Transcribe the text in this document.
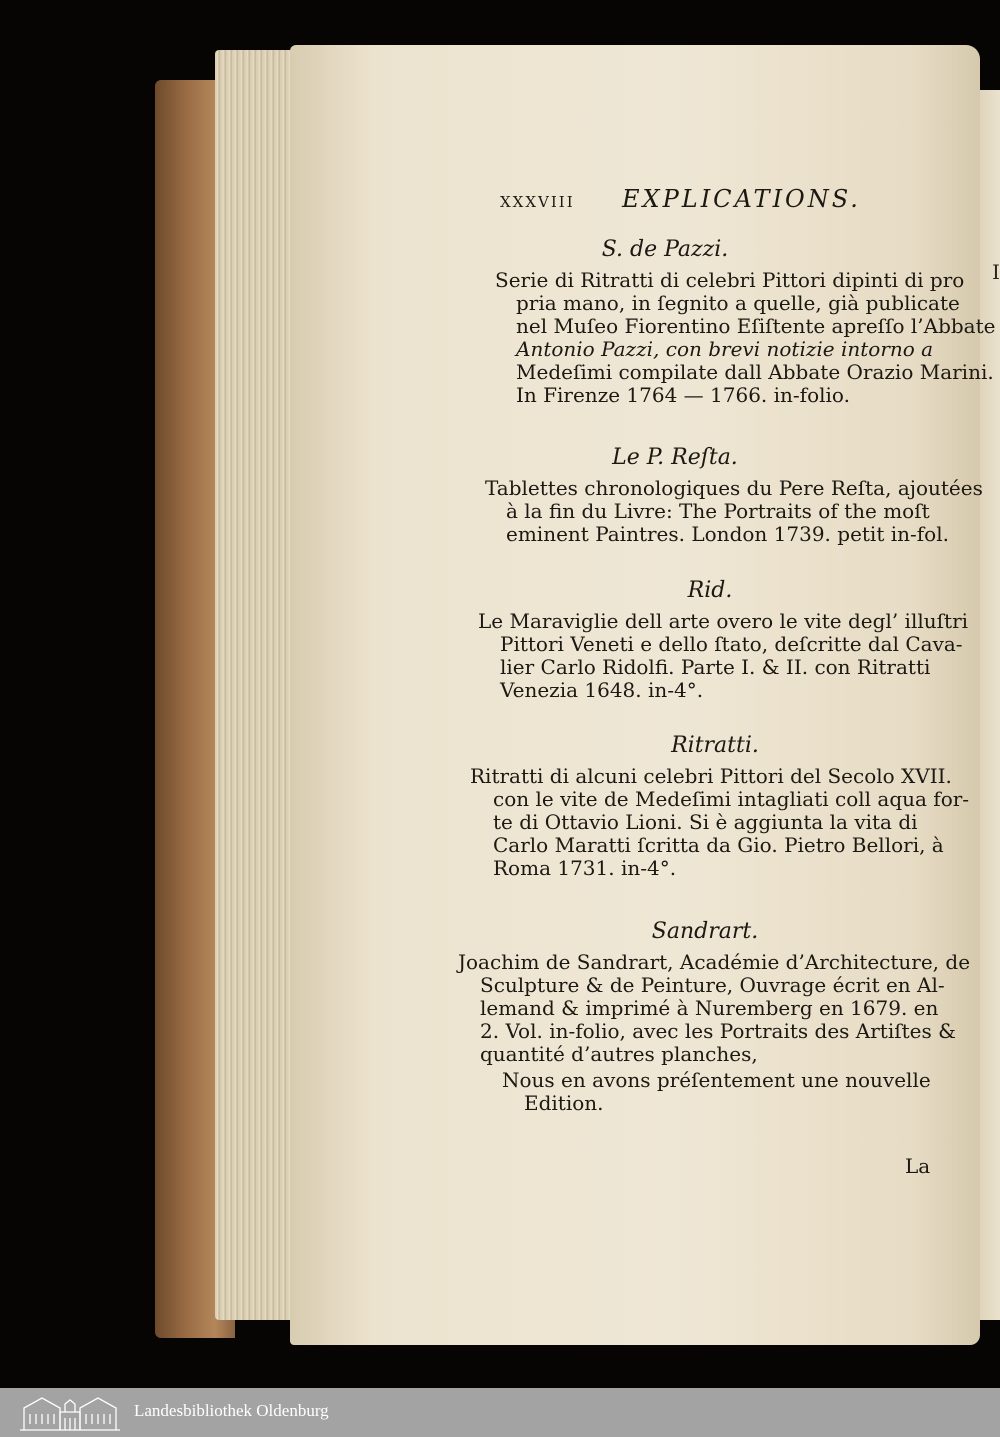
I
XXXVIII EXPLICATIONS.
S. de Pazzi.
Serie di Ritratti di celebri Pittori dipinti di pro
pria mano, in ſegnito a quelle, già publicate
nel Muſeo Fiorentino Eſiſtente apreſſo l’Abbate
Antonio Pazzi, con brevi notizie intorno a
Medeſimi compilate dall Abbate Orazio Marini.
In Firenze 1764 — 1766. in-folio.
Le P. Reſta.
Tablettes chronologiques du Pere Reſta, ajoutées
à la fin du Livre: The Portraits of the moſt
eminent Paintres. London 1739. petit in-fol.
Rid.
Le Maraviglie dell arte overo le vite degl’ illuſtri
Pittori Veneti e dello ſtato, deſcritte dal Cava-
lier Carlo Ridolfi. Parte I. & II. con Ritratti
Venezia 1648. in-4°.
Ritratti.
Ritratti di alcuni celebri Pittori del Secolo XVII.
con le vite de Medeſimi intagliati coll aqua for-
te di Ottavio Lioni. Si è aggiunta la vita di
Carlo Maratti ſcritta da Gio. Pietro Bellori, à
Roma 1731. in-4°.
Sandrart.
Joachim de Sandrart, Académie d’Architecture, de
Sculpture & de Peinture, Ouvrage écrit en Al-
lemand & imprimé à Nuremberg en 1679. en
2. Vol. in-folio, avec les Portraits des Artiſtes &
quantité d’autres planches,
Nous en avons préſentement une nouvelle
Edition.
La
Landesbibliothek Oldenburg
